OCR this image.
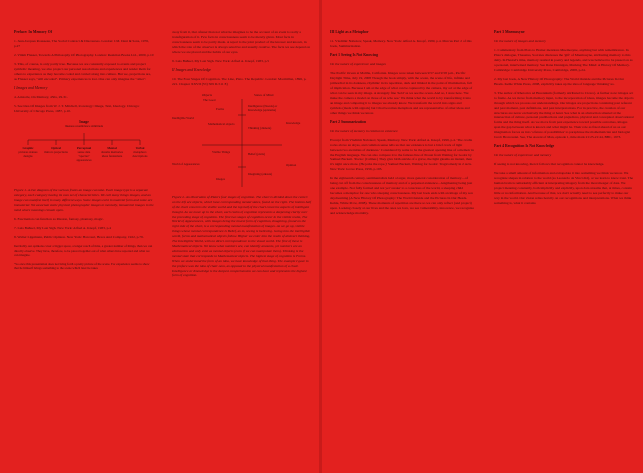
Preface: In Memory Of

1. Jean-Jacques Rousseau, The Social Contract & Discourses. London: J.M. Dent & Sons, 1976, p.27

2. Vilém Flusser, Towards A Philosophy Of Photography. London: Reaktion Books Ltd., 2000, p.10

3. This, of course, is only partly true. Because we are constantly exposed to events and project symbolic meaning, we also project our personal associations and experiences and render them for others to experience as they become coded and carried along into culture. But we, projections are, as Flusser says, "still encoded". Primary experiences is lost. One can only imagine the "other".

I Images and Memory

4. Aristotle, On Memory, 450a, 29-31.

5. See Idea Of Images from W. J. T. Mitchell, Iconology: Image, Text, Ideology. Chicago: University of Chicago Press, 1987, p.10.

Image
likeness resemblance similitude
Graphic
pictures statues designs
Optical
mirrors projections
Perceptual
sense data "species" appearances
Mental
dreams memories ideas fantasmata
Verbal
metaphors descriptions

Figure 1. A tree diagram of the various fronts an image can take. Each image type is a separate category, each category having its own set of characteristics. We call many things images, and an image can manifest itself in many different ways. Some images exist in material form and some are immaterial. We associate static physical photographic images to mentally, immaterial images in the mind where meanings remain open.

6. Fascination can function as illusion, fantasy, phantasy, magic.

7. Luis Buñuel, My Last Sigh. New York: Alfred A. Knopf, 1983, p.4

8. Walter Lippmann, Public Opinion. New York: Harcourt, Brace And Company, 1922, p.79.

Inevitably our opinions cover a bigger space, a longer reach of time, a greater number of things, than we can directly observe. They have, therefore, to be pieced together out of what others have reported and what we can imagine.

"So once this presentation does not bring forth a pretty picture of the scene. For experience seems to show that he himself brings something to the scene which later he takes

away from it, that oftener than not what he imagines to be the account of an event is really a transfiguration of it. Few facts in consciousness seem to be merely given. Most facts in consciousness seem to be partly made. A report is the joint product of the knower and known, in which the role of the observer is always selective and usually creative. The facts we see depend on where we are placed and the habits of our eyes.

9. Luis Buñuel, My Last Sigh. New York: Alfred A. Knopf, 1983, p.5

II Images and Knowledge

10. The Four Stages Of Cognition. The Line, Plato. The Republic. London: Macmillan, 1896, p. 221. Chapter XXVII (VI) 509 D-511 E)

Objects
The Good
States of Mind
Forms
Intelligible World
Mathematical objects
Visible Things
World of Appearances
Images
Intelligence (Noesis) or Knowledge (episteme)
Thinking (dianoia)
Belief (pistis)
Imagining (eikasia)
Knowledge
Opinion

Figure 2. An illustration of Plato's four stages of cognition. The chart is divided down the center: on the left are objects, which have corresponding mental states, found on the right. The bottom half of the chart concerns the visible world and the top half of the chart concerns aspects of intelligent thought. As we move up in the chart, each realm of cognition represents a deepening clarity over the preceding stage of cognition. The first two stages of cognition occur in the visible realm, The World of Appearances, with images being the lowest form of cognition, Imagining, found on the right side of the chart, is a corresponding mental manifestation of images. As we go up, visible things whose mental correspondence is Belief, as in, seeing is believing. Going into the intelligible world, forms and mathematical objects follow. Higher we enter into the realm of abstract thinking, The Intelligible World, with no direct correspondence to the visual world. The first of these is Mathematical objects. We know what numbers are, can identify amounts, yet numbers are an abstraction and only exist as mental objects (even if we can manipulate them). Thinking is the mental state that corresponds to Mathematical objects. The highest stage of cognition is Forms. When we understand the form of an idea, we have knowledge of that thing. The example I gave in the preface was the idea of chair-ness, as opposed to the physical manifestation of a chair. Intelligence or Knowledge is the deepest comprehension we can have and represents the highest form of cognition.

III Light as a Metaphor

11. Vladimir Nabokov, Speak, Memory. New York: Alfred A. Knopf, 1999, p.4. Marcus Part 2 of this book, Summarization.

Part 1 Seeing Is Not Knowing

On the nature of experience and images

The Pacific Ocean at Malibu, California. Images were taken between 9:57 and 9:58 p.m., Pacific Daylight Time, July 19, 2008 Though the book simply, with the ocean, the scene of life, infinite and primordial in its darkness, rhythmic in its repetition, dark and limited in the point of illumination, full of implication. Because I am at the edge of what can be captured by the camera, my act at the edge of what can be seen in my image. A strangely fine 'hold' as we see the ocean. And so, I stare here. 'We make the camera a model on those of us who see.' We think what the world is by transforming it into an image and comparing it to images we already know. We transform the world into signs and symbols (made with signals) but I that becomes metaphors and are representative of other ideas and other things we think we know.

Part 2 Summarization

On the nature of memory in relation to existence

Excerpt from Vladimir Nabokov, Speak, Memory. New York: Alfred A. Knopf, 1999, p.4. 'The cradle rocks above an abyss, and common sense tells us that our existence is but a brief crack of light between two eternities of darkness.' Considered by some to be the greatest opening line of a memoir in the English language. We can also compare it to the famous line of Proust from Waiting for Godot by Samuel Beckett. 'Pozzo: (Calmer.) They give birth astride of a grave, the light gleams an instant, then it's night once more. (He jerks the rope.)' Samuel Beckett, Waiting for Godot: Tragicomedy in 2 Acts. New York: Grove Press, 1956, p.103.

In the eighteenth century, sentimentalists held a larger, more general consideration of memory—of being cut off from the consciousness of memory and of a perpetual existence—lengthening being just one example. Not fully formed and not yet 'awake' to a conscious of the world, a sleeping child becomes a metaphor for one who sleeping consciousness. My last book ends with an image of my son daydreaming (A New History Of Photography: The World Outside and the Pictures In Our Heads. Kehle, White Prow, 2008). These moments of repetition are there so we can only reflect (and project) upon. Looking closely at our lives and the ones we love, we see vulnerability, innocence, we recognize and acknowledge mortality.

Part 3 Mnemosyne

On the nature of images and memory

1. Commentary from Plato to Homer mentions Mnemosyne, anything but with remembrance. In Plato's dialogue, Theaetus, Socrates discusses the 'gift' of Mnemosyne, attributing memory to this deity. In Hesiod's time, memory resided in poetry and legends, and was believed to be passed on as a personal, intertwined memory. See Rane Dannigan, Marking The Mind: A History Of Memory. Cambridge: Cambridge University Press, Cambridge, 2008, p.24.

2. My last book, A New History Of Photography: The World Outside and the Pictures In Our Heads. Kehle White Press, 2008, explicitly takes up the idea of language 'thinking' us.

3. The author of Rhetorica ad Herennium (formerly attributed to Cicero). A further note: images act to frame. As we move from memory input, to the incorporation of ideas, images become the objects through which we process our understandings. Our images are projections containing past referent and past moment, past definitions, and past interpretations. For in practice, the creation of our structures are never exclusively the thing at hand. See what is an abstraction situated at the intersection of culture, personal predilections and prejudices, physical and conceptual observational forms and the thing itself. As we move from past experience toward possible outcomes, images span the gap between what is known and what might be. Their role as fixed ahead of us as our imagination forces us into 'a future of possibilities' to paraphrase the mathematician and biologist Jacob Bronowski. See, The Ascent of Man, episode 1, time mark 21:25-21:44, BBC, 1973.

Part 4 Recognition Is Not Knowledge

On the nature of experience and memory

If seeing is not knowing, then it follows that recognition cannot be knowledge.

We take a small amount of information and extrapolate it into something we think we know. We recognize shapes in relation to the world (as Leonardo da Vinci did), or we learn to know trust. The human brain is remarkably efficient at interpreting imagery from the most meager of data. We project meaning constantly, both implicitly and explicitly, upon data streams that, at times, contain little or no information. And because of that, we don't actually need to see perfectly to make our way in the world. Our vision relies heavily on our recognitions and interpretations. What we think something is, what it contains
